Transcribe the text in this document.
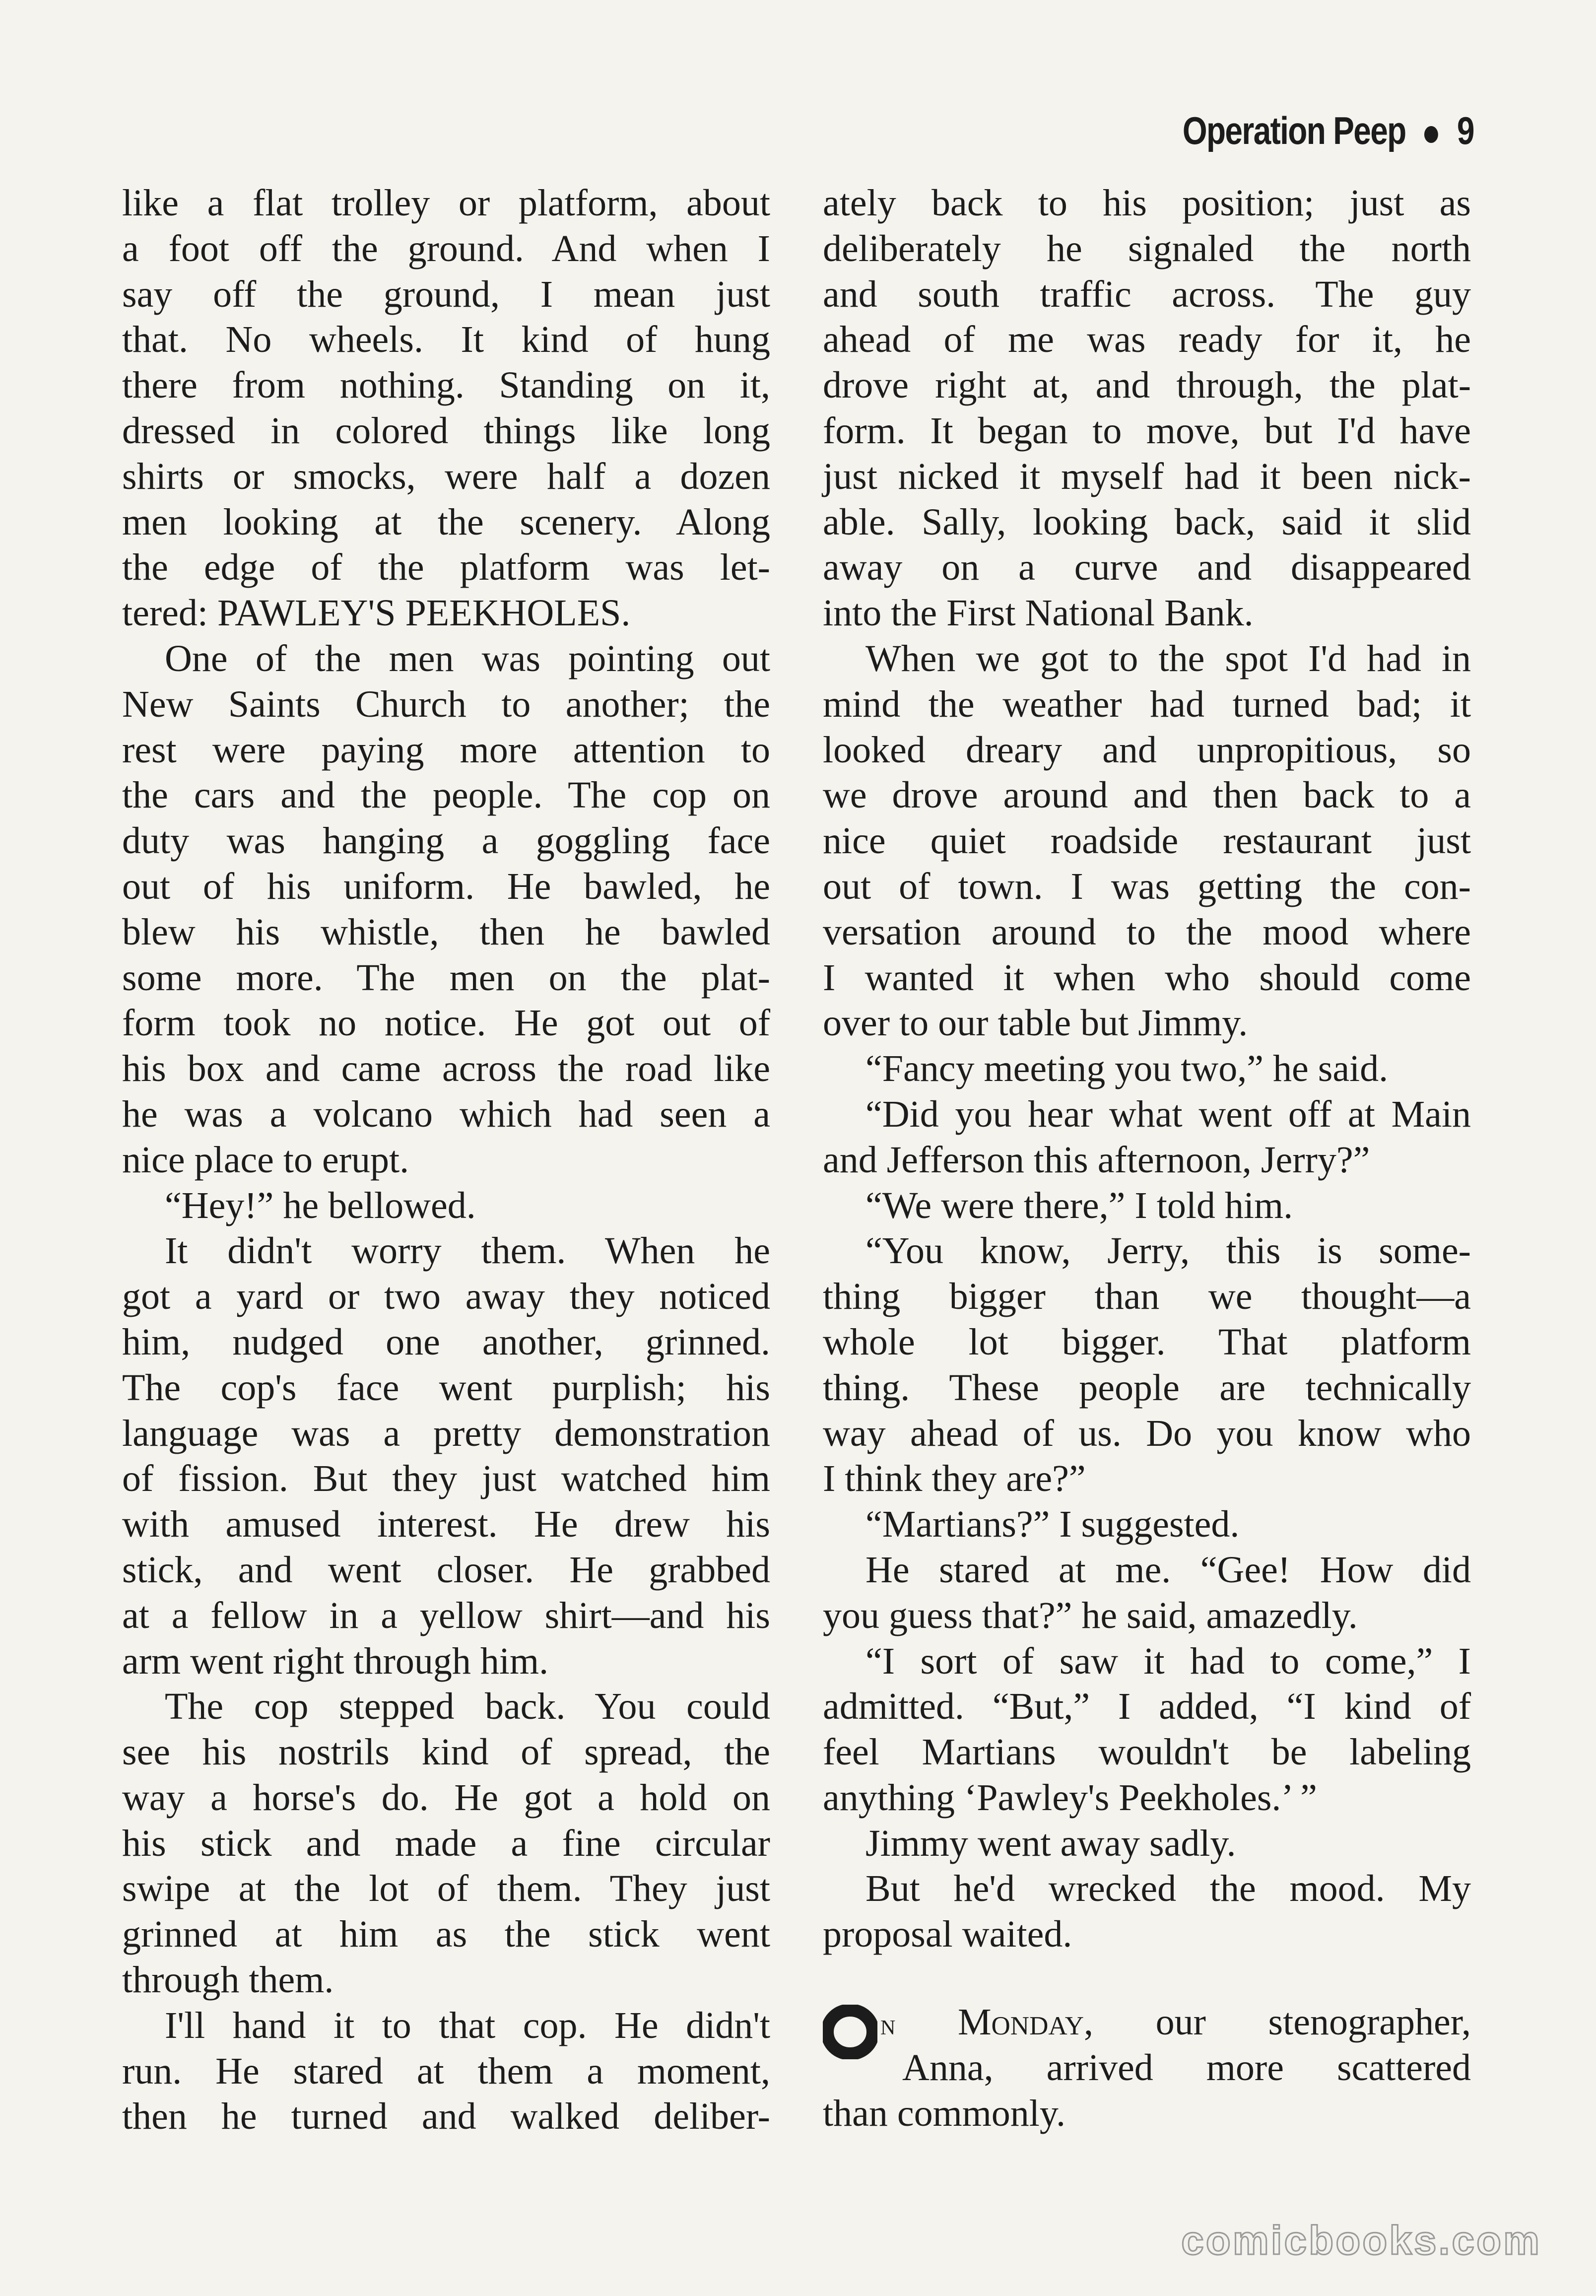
Operation Peep 9
like a flat trolley or platform, about
a foot off the ground. And when I
say off the ground, I mean just
that. No wheels. It kind of hung
there from nothing. Standing on it,
dressed in colored things like long
shirts or smocks, were half a dozen
men looking at the scenery. Along
the edge of the platform was let-
tered: PAWLEY'S PEEKHOLES.
One of the men was pointing out
New Saints Church to another; the
rest were paying more attention to
the cars and the people. The cop on
duty was hanging a goggling face
out of his uniform. He bawled, he
blew his whistle, then he bawled
some more. The men on the plat-
form took no notice. He got out of
his box and came across the road like
he was a volcano which had seen a
nice place to erupt.
“Hey!” he bellowed.
It didn't worry them. When he
got a yard or two away they noticed
him, nudged one another, grinned.
The cop's face went purplish; his
language was a pretty demonstration
of fission. But they just watched him
with amused interest. He drew his
stick, and went closer. He grabbed
at a fellow in a yellow shirt—and his
arm went right through him.
The cop stepped back. You could
see his nostrils kind of spread, the
way a horse's do. He got a hold on
his stick and made a fine circular
swipe at the lot of them. They just
grinned at him as the stick went
through them.
I'll hand it to that cop. He didn't
run. He stared at them a moment,
then he turned and walked deliber-
ately back to his position; just as
deliberately he signaled the north
and south traffic across. The guy
ahead of me was ready for it, he
drove right at, and through, the plat-
form. It began to move, but I'd have
just nicked it myself had it been nick-
able. Sally, looking back, said it slid
away on a curve and disappeared
into the First National Bank.
When we got to the spot I'd had in
mind the weather had turned bad; it
looked dreary and unpropitious, so
we drove around and then back to a
nice quiet roadside restaurant just
out of town. I was getting the con-
versation around to the mood where
I wanted it when who should come
over to our table but Jimmy.
“Fancy meeting you two,” he said.
“Did you hear what went off at Main
and Jefferson this afternoon, Jerry?”
“We were there,” I told him.
“You know, Jerry, this is some-
thing bigger than we thought—a
whole lot bigger. That platform
thing. These people are technically
way ahead of us. Do you know who
I think they are?”
“Martians?” I suggested.
He stared at me. “Gee! How did
you guess that?” he said, amazedly.
“I sort of saw it had to come,” I
admitted. “But,” I added, “I kind of
feel Martians wouldn't be labeling
anything ‘Pawley's Peekholes.’ ”
Jimmy went away sadly.
But he'd wrecked the mood. My
proposal waited.
n Monday, our stenographer,
Anna, arrived more scattered
than commonly.
comicbooks.com
